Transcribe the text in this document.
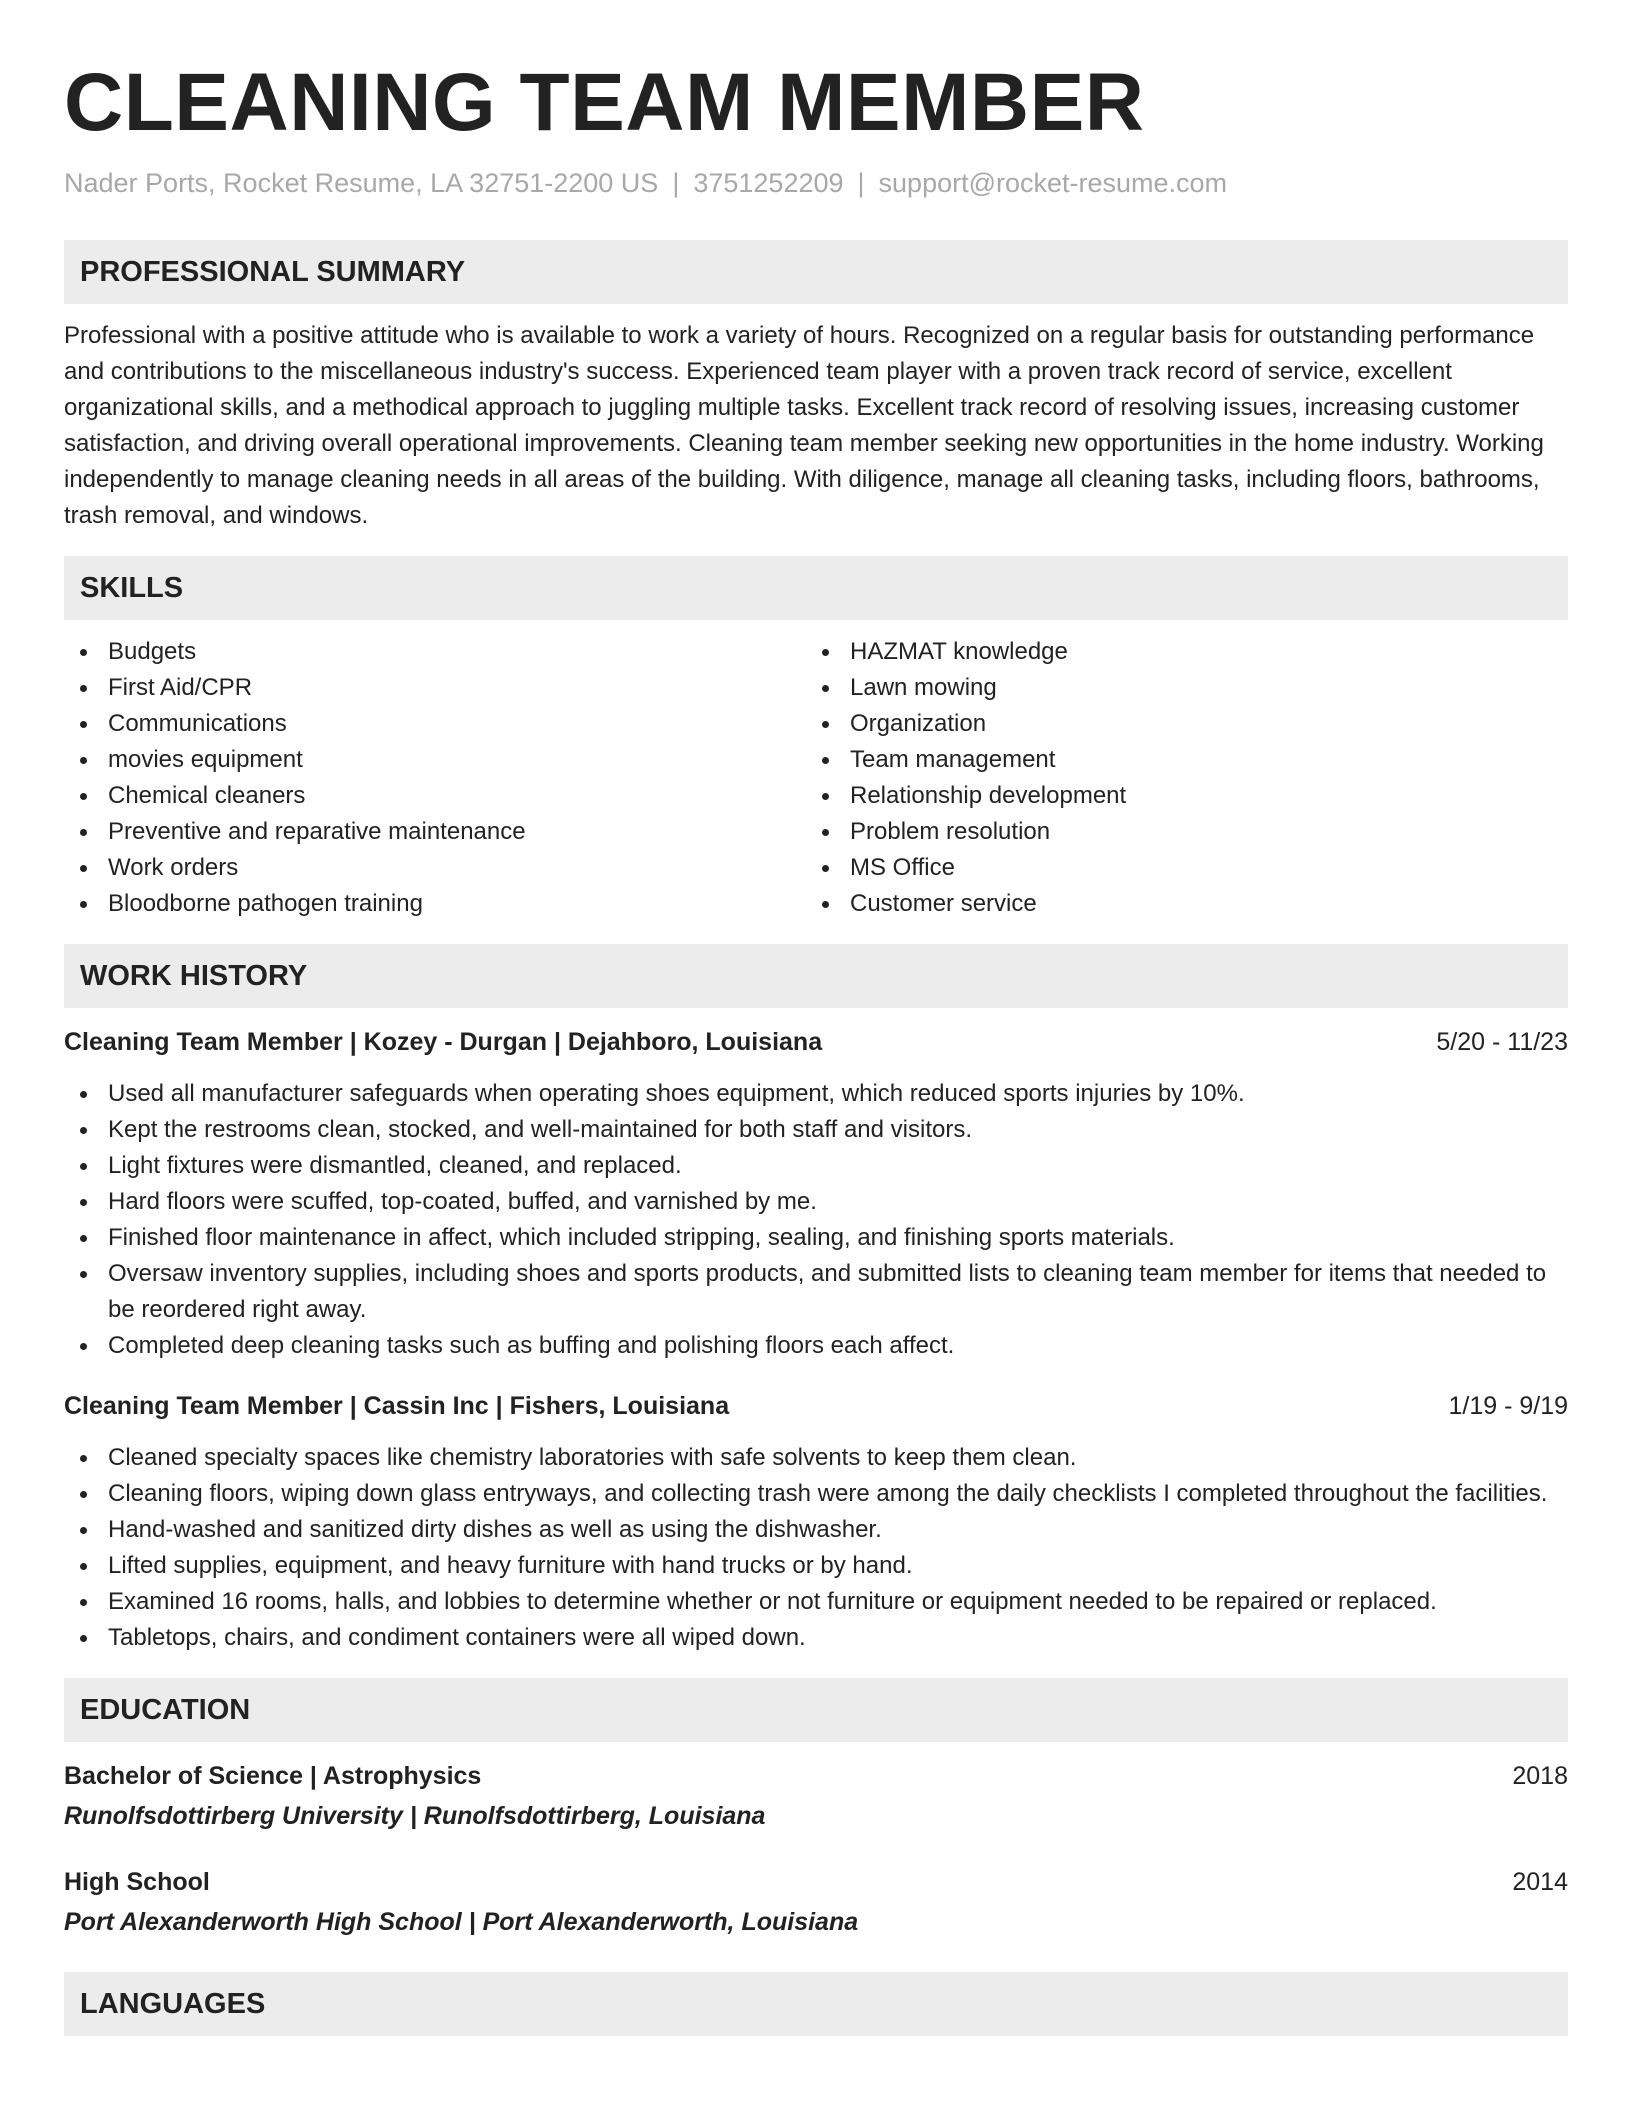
CLEANING TEAM MEMBER
Nader Ports, Rocket Resume, LA 32751-2200 US | 3751252209 | support@rocket-resume.com
PROFESSIONAL SUMMARY

Professional with a positive attitude who is available to work a variety of hours. Recognized on a regular basis for outstanding performance and contributions to the miscellaneous industry's success. Experienced team player with a proven track record of service, excellent organizational skills, and a methodical approach to juggling multiple tasks. Excellent track record of resolving issues, increasing customer satisfaction, and driving overall operational improvements. Cleaning team member seeking new opportunities in the home industry. Working independently to manage cleaning needs in all areas of the building. With diligence, manage all cleaning tasks, including floors, bathrooms, trash removal, and windows.

SKILLS
Budgets
First Aid/CPR
Communications
movies equipment
Chemical cleaners
Preventive and reparative maintenance
Work orders
Bloodborne pathogen training
HAZMAT knowledge
Lawn mowing
Organization
Team management
Relationship development
Problem resolution
MS Office
Customer service
WORK HISTORY
Cleaning Team Member | Kozey - Durgan | Dejahboro, Louisiana	5/20 - 11/23
Used all manufacturer safeguards when operating shoes equipment, which reduced sports injuries by 10%.
Kept the restrooms clean, stocked, and well-maintained for both staff and visitors.
Light fixtures were dismantled, cleaned, and replaced.
Hard floors were scuffed, top-coated, buffed, and varnished by me.
Finished floor maintenance in affect, which included stripping, sealing, and finishing sports materials.
Oversaw inventory supplies, including shoes and sports products, and submitted lists to cleaning team member for items that needed to be reordered right away.
Completed deep cleaning tasks such as buffing and polishing floors each affect.
Cleaning Team Member | Cassin Inc | Fishers, Louisiana	1/19 - 9/19
Cleaned specialty spaces like chemistry laboratories with safe solvents to keep them clean.
Cleaning floors, wiping down glass entryways, and collecting trash were among the daily checklists I completed throughout the facilities.
Hand-washed and sanitized dirty dishes as well as using the dishwasher.
Lifted supplies, equipment, and heavy furniture with hand trucks or by hand.
Examined 16 rooms, halls, and lobbies to determine whether or not furniture or equipment needed to be repaired or replaced.
Tabletops, chairs, and condiment containers were all wiped down.
EDUCATION
Bachelor of Science | Astrophysics	2018
Runolfsdottirberg University | Runolfsdottirberg, Louisiana
High School	2014
Port Alexanderworth High School | Port Alexanderworth, Louisiana
LANGUAGES
